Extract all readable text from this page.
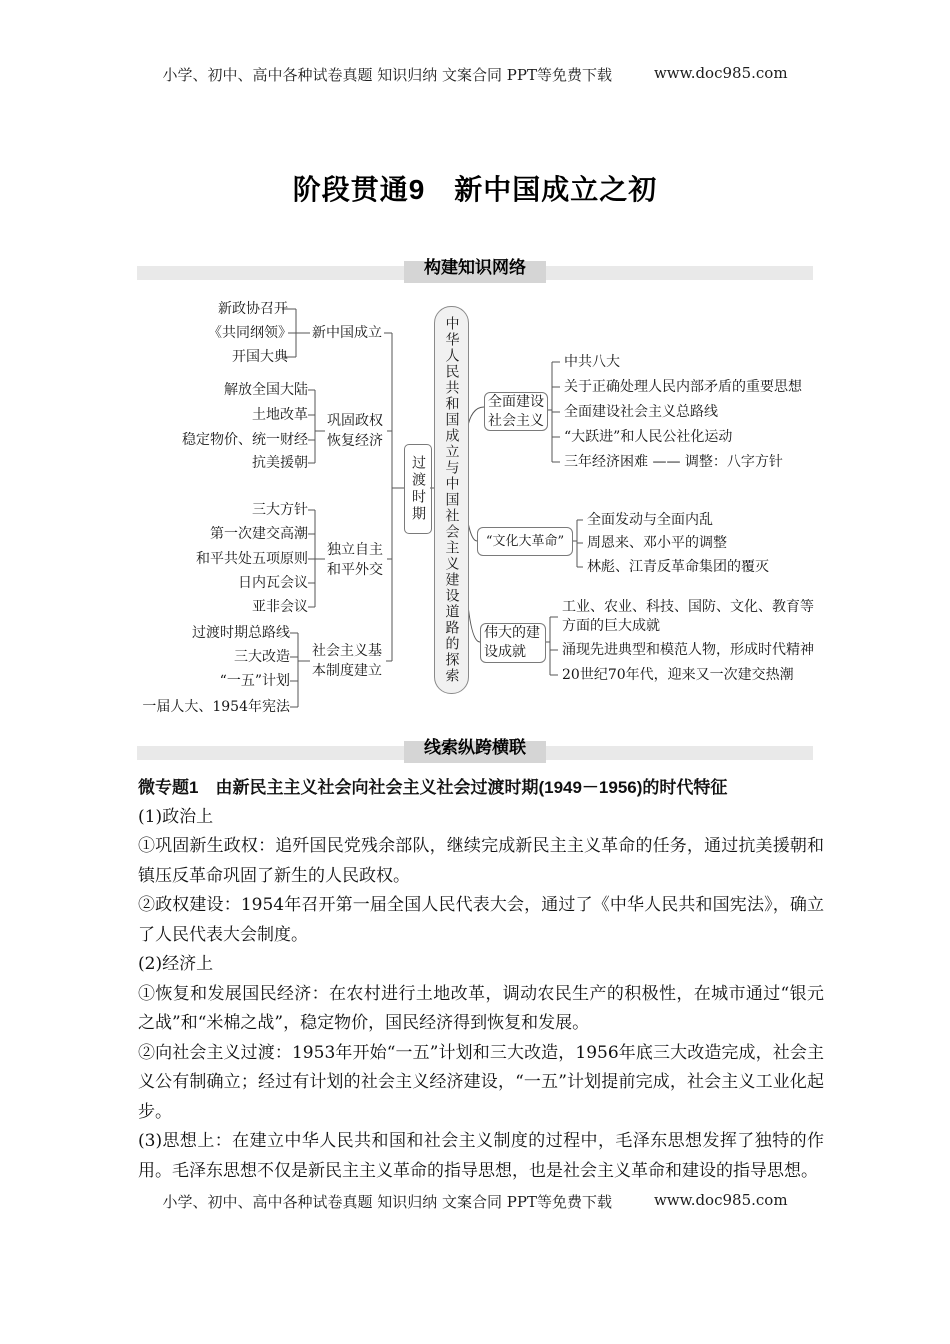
小学、初中、高中各种试卷真题 知识归纳 文案合同 PPT等免费下载	www.doc985.com
阶段贯通9　新中国成立之初
构建知识网络
新政协召开
《共同纲领》
开国大典
解放全国大陆
土地改革
稳定物价、统一财经
抗美援朝
三大方针
第一次建交高潮
和平共处五项原则
日内瓦会议
亚非会议
过渡时期总路线
三大改造
“一五”计划
一届人大、1954年宪法
新中国成立
巩固政权恢复经济
独立自主和平外交
社会主义基本制度建立
过渡时期 中华人民共和国成立与中国社会主义建设道路的探索 全面建设社会主义
“文化大革命”
伟大的建设成就
中共八大
关于正确处理人民内部矛盾的重要思想
全面建设社会主义总路线
“大跃进”和人民公社化运动
三年经济困难 —— 调整：八字方针
全面发动与全面内乱
周恩来、邓小平的调整
林彪、江青反革命集团的覆灭
工业、农业、科技、国防、文化、教育等方面的巨大成就
涌现先进典型和模范人物，形成时代精神
20世纪70年代，迎来又一次建交热潮
线索纵跨横联

微专题1　由新民主主义社会向社会主义社会过渡时期(1949－1956)的时代特征

(1)政治上

①巩固新生政权：追歼国民党残余部队，继续完成新民主主义革命的任务，通过抗美援朝和镇压反革命巩固了新生的人民政权。

②政权建设：1954年召开第一届全国人民代表大会，通过了《中华人民共和国宪法》，确立了人民代表大会制度。

(2)经济上

①恢复和发展国民经济：在农村进行土地改革，调动农民生产的积极性，在城市通过“银元之战”和“米棉之战”，稳定物价，国民经济得到恢复和发展。

②向社会主义过渡：1953年开始“一五”计划和三大改造，1956年底三大改造完成，社会主义公有制确立；经过有计划的社会主义经济建设，“一五”计划提前完成，社会主义工业化起步。

(3)思想上：在建立中华人民共和国和社会主义制度的过程中，毛泽东思想发挥了独特的作用。毛泽东思想不仅是新民主主义革命的指导思想，也是社会主义革命和建设的指导思想。

小学、初中、高中各种试卷真题 知识归纳 文案合同 PPT等免费下载	www.doc985.com
